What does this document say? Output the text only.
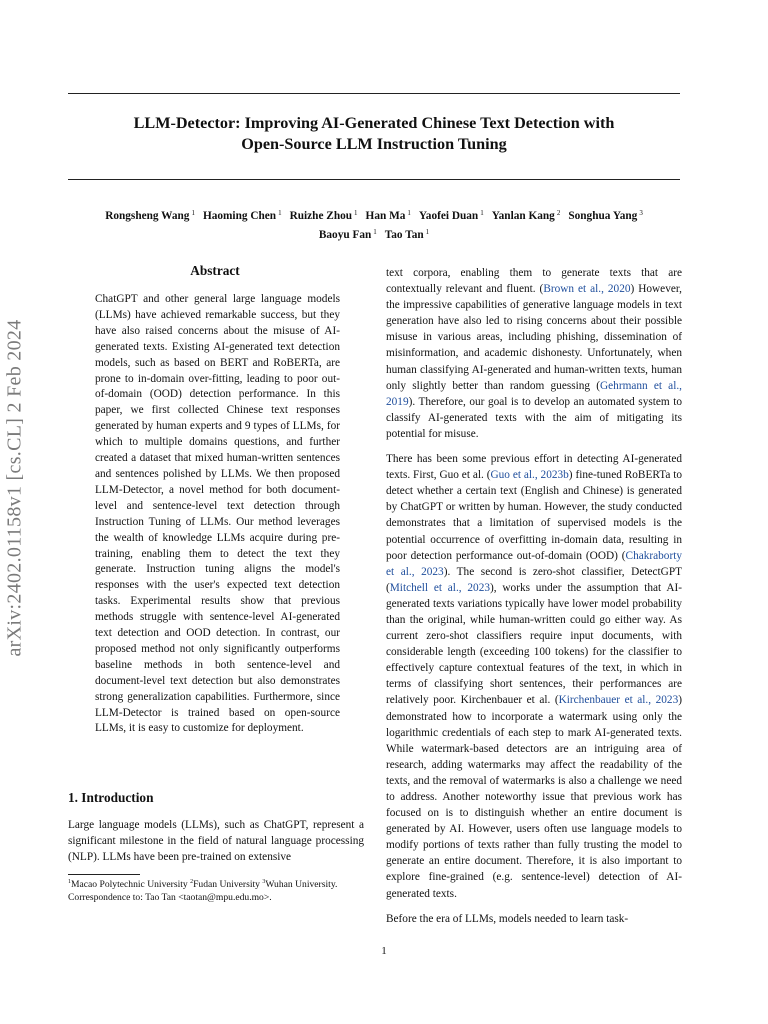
LLM-Detector: Improving AI-Generated Chinese Text Detection with
Open-Source LLM Instruction Tuning
Rongsheng Wang $^1$ Haoming Chen $^1$ Ruizhe Zhou $^1$ Han Ma $^1$ Yaofei Duan $^1$ Yanlan Kang $^2$ Songhua Yang $^3$
Baoyu Fan $^1$ Tao Tan $^1$
arXiv:2402.01158v1 [cs.CL] 2 Feb 2024
Abstract
ChatGPT and other general large language models (LLMs) have achieved remarkable success, but they have also raised concerns about the misuse of AI-generated texts. Existing AI-generated text detection models, such as based on BERT and RoBERTa, are prone to in-domain over-fitting, leading to poor out-of-domain (OOD) detection performance. In this paper, we first collected Chinese text responses generated by human experts and 9 types of LLMs, for which to multiple domains questions, and further created a dataset that mixed human-written sentences and sentences polished by LLMs. We then proposed LLM-Detector, a novel method for both document-level and sentence-level text detection through Instruction Tuning of LLMs. Our method leverages the wealth of knowledge LLMs acquire during pre-training, enabling them to detect the text they generate. Instruction tuning aligns the model's responses with the user's expected text detection tasks. Experimental results show that previous methods struggle with sentence-level AI-generated text detection and OOD detection. In contrast, our proposed method not only significantly outperforms baseline methods in both sentence-level and document-level text detection but also demonstrates strong generalization capabilities. Furthermore, since LLM-Detector is trained based on open-source LLMs, it is easy to customize for deployment.
1. Introduction
Large language models (LLMs), such as ChatGPT, represent a significant milestone in the field of natural language processing (NLP). LLMs have been pre-trained on extensive
$^1$Macao Polytechnic University $^2$Fudan University $^3$Wuhan University. Correspondence to: Tao Tan <taotan@mpu.edu.mo>.

text corpora, enabling them to generate texts that are contextually relevant and fluent. (Brown et al., 2020) However, the impressive capabilities of generative language models in text generation have also led to rising concerns about their possible misuse in various areas, including phishing, dissemination of misinformation, and academic dishonesty. Unfortunately, when human classifying AI-generated and human-written texts, human only slightly better than random guessing (Gehrmann et al., 2019). Therefore, our goal is to develop an automated system to classify AI-generated texts with the aim of mitigating its potential for misuse.

There has been some previous effort in detecting AI-generated texts. First, Guo et al. (Guo et al., 2023b) fine-tuned RoBERTa to detect whether a certain text (English and Chinese) is generated by ChatGPT or written by human. However, the study conducted demonstrates that a limitation of supervised models is the potential occurrence of overfitting in-domain data, resulting in poor detection performance out-of-domain (OOD) (Chakraborty et al., 2023). The second is zero-shot classifier, DetectGPT (Mitchell et al., 2023), works under the assumption that AI-generated texts variations typically have lower model probability than the original, while human-written could go either way. As current zero-shot classifiers require input documents, with considerable length (exceeding 100 tokens) for the classifier to effectively capture contextual features of the text, in which in terms of classifying short sentences, their performances are relatively poor. Kirchenbauer et al. (Kirchenbauer et al., 2023) demonstrated how to incorporate a watermark using only the logarithmic credentials of each step to mark AI-generated texts. While watermark-based detectors are an intriguing area of research, adding watermarks may affect the readability of the texts, and the removal of watermarks is also a challenge we need to address. Another noteworthy issue that previous work has focused on is to distinguish whether an entire document is generated by AI. However, users often use language models to modify portions of texts rather than fully trusting the model to generate an entire document. Therefore, it is also important to explore fine-grained (e.g. sentence-level) detection of AI-generated texts.

Before the era of LLMs, models needed to learn task-

1
